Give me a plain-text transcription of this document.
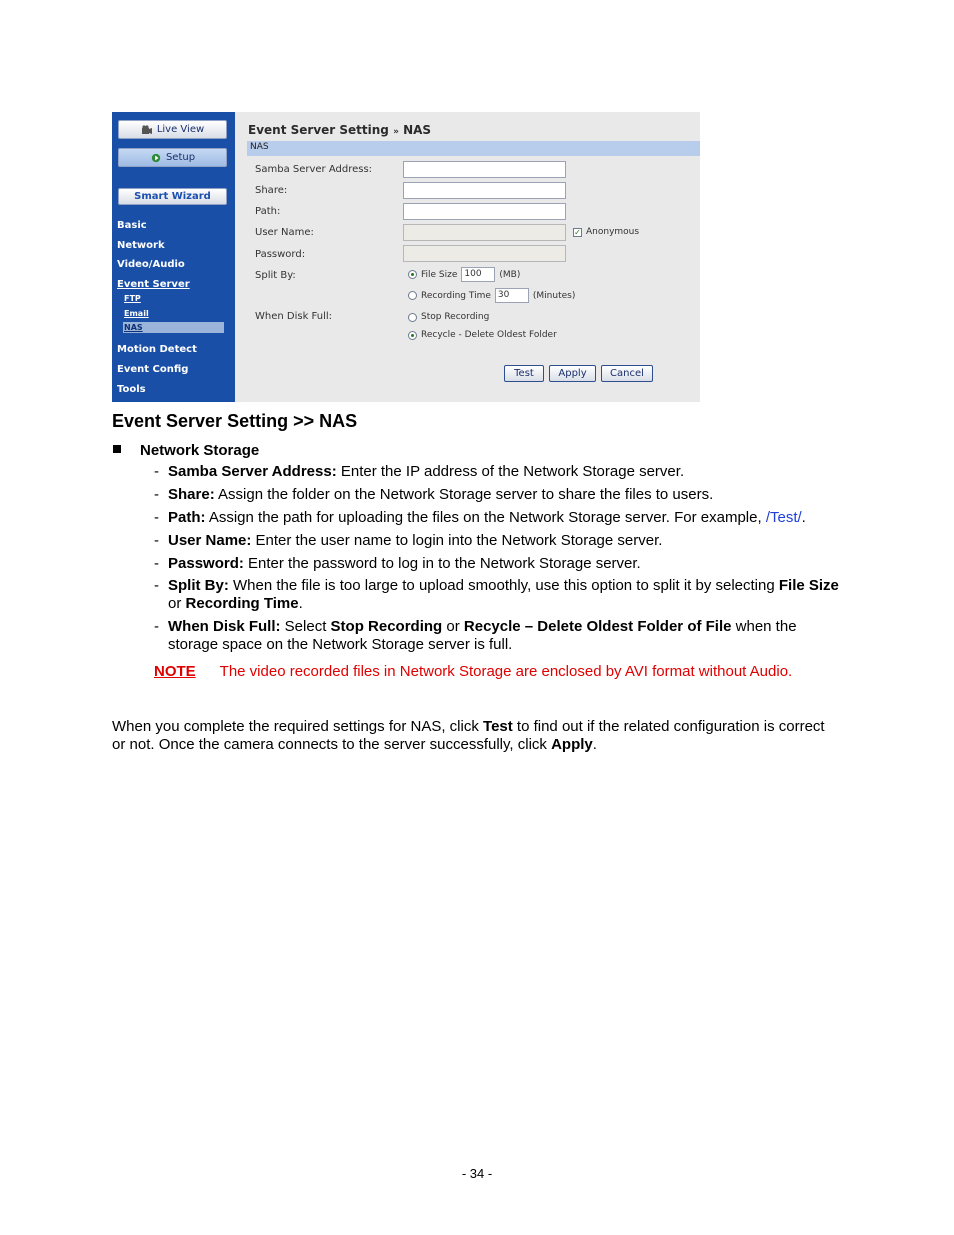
Live View
Setup
Smart Wizard
Basic
Network
Video/Audio
Event Server
FTP
Email
NAS
Motion Detect
Event Config
Tools
Event Server Setting » NAS
NAS
Samba Server Address:
Share:
Path:
User Name:	✓ Anonymous
Password:
Split By:	File Size 100	(MB)
Recording Time 30	(Minutes)
When Disk Full:	Stop Recording
Recycle - Delete Oldest Folder
Test	Apply	Cancel
Event Server Setting >> NAS
Network Storage
- Samba Server Address: Enter the IP address of the Network Storage server.
- Share: Assign the folder on the Network Storage server to share the files to users.
- Path: Assign the path for uploading the files on the Network Storage server. For example, /Test/.
- User Name: Enter the user name to login into the Network Storage server.
- Password: Enter the password to log in to the Network Storage server.
- Split By: When the file is too large to upload smoothly, use this option to split it by selecting File Size or Recording Time.
- When Disk Full: Select Stop Recording or Recycle – Delete Oldest Folder of File when the storage space on the Network Storage server is full.
NOTE The video recorded files in Network Storage are enclosed by AVI format without Audio.
When you complete the required settings for NAS, click Test to find out if the related configuration is correct or not. Once the camera connects to the server successfully, click Apply.
- 34 -
